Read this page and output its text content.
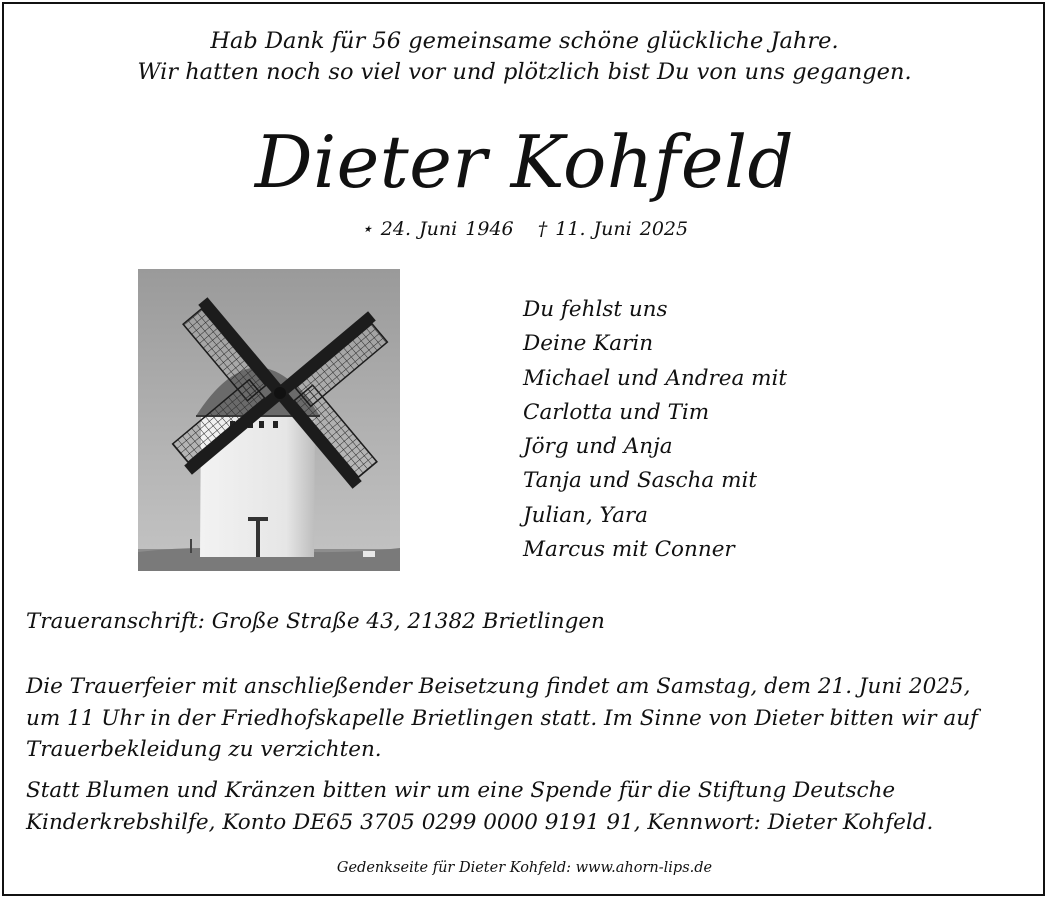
Hab Dank für 56 gemeinsame schöne glückliche Jahre.
Wir hatten noch so viel vor und plötzlich bist Du von uns gegangen.
Dieter Kohfeld
⋆ 24. Juni 1946 † 11. Juni 2025
Du fehlst uns
Deine Karin
Michael und Andrea mit
Carlotta und Tim
Jörg und Anja
Tanja und Sascha mit
Julian, Yara
Marcus mit Conner
Traueranschrift: Große Straße 43, 21382 Brietlingen
Die Trauerfeier mit anschließender Beisetzung findet am Samstag, dem 21. Juni 2025,
um 11 Uhr in der Friedhofskapelle Brietlingen statt. Im Sinne von Dieter bitten wir auf
Trauerbekleidung zu verzichten.
Statt Blumen und Kränzen bitten wir um eine Spende für die Stiftung Deutsche
Kinderkrebshilfe, Konto DE65 3705 0299 0000 9191 91, Kennwort: Dieter Kohfeld.
Gedenkseite für Dieter Kohfeld: www.ahorn-lips.de
